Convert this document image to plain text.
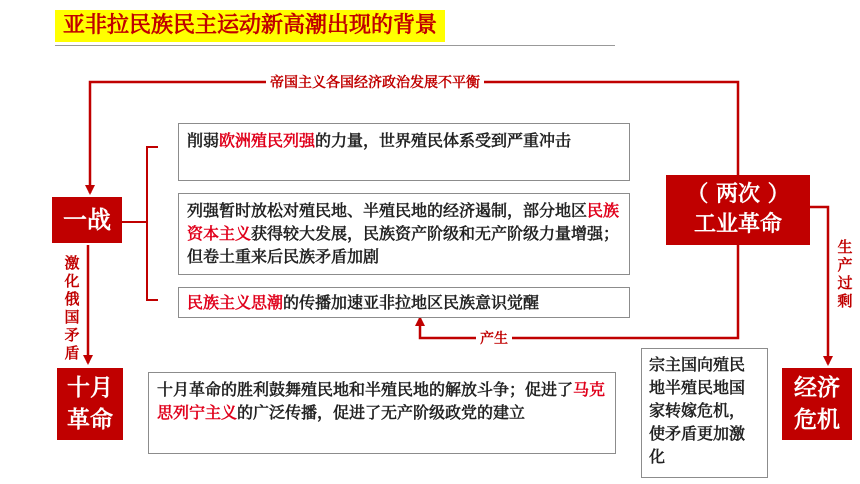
亚非拉民族民主运动新高潮出现的背景
帝国主义各国经济政治发展不平衡
产生
激化俄国矛盾
生产过剩
一战
（ 两次 ）
工业革命
十月
革命
经济
危机
削弱欧洲殖民列强的力量，世界殖民体系受到严重冲击
列强暂时放松对殖民地、半殖民地的经济遏制，部分地区民族资本主义获得较大发展，民族资产阶级和无产阶级力量增强；但卷土重来后民族矛盾加剧
民族主义思潮的传播加速亚非拉地区民族意识觉醒
十月革命的胜利鼓舞殖民地和半殖民地的解放斗争；促进了马克思列宁主义的广泛传播，促进了无产阶级政党的建立
宗主国向殖民地半殖民地国家转嫁危机，使矛盾更加激化
